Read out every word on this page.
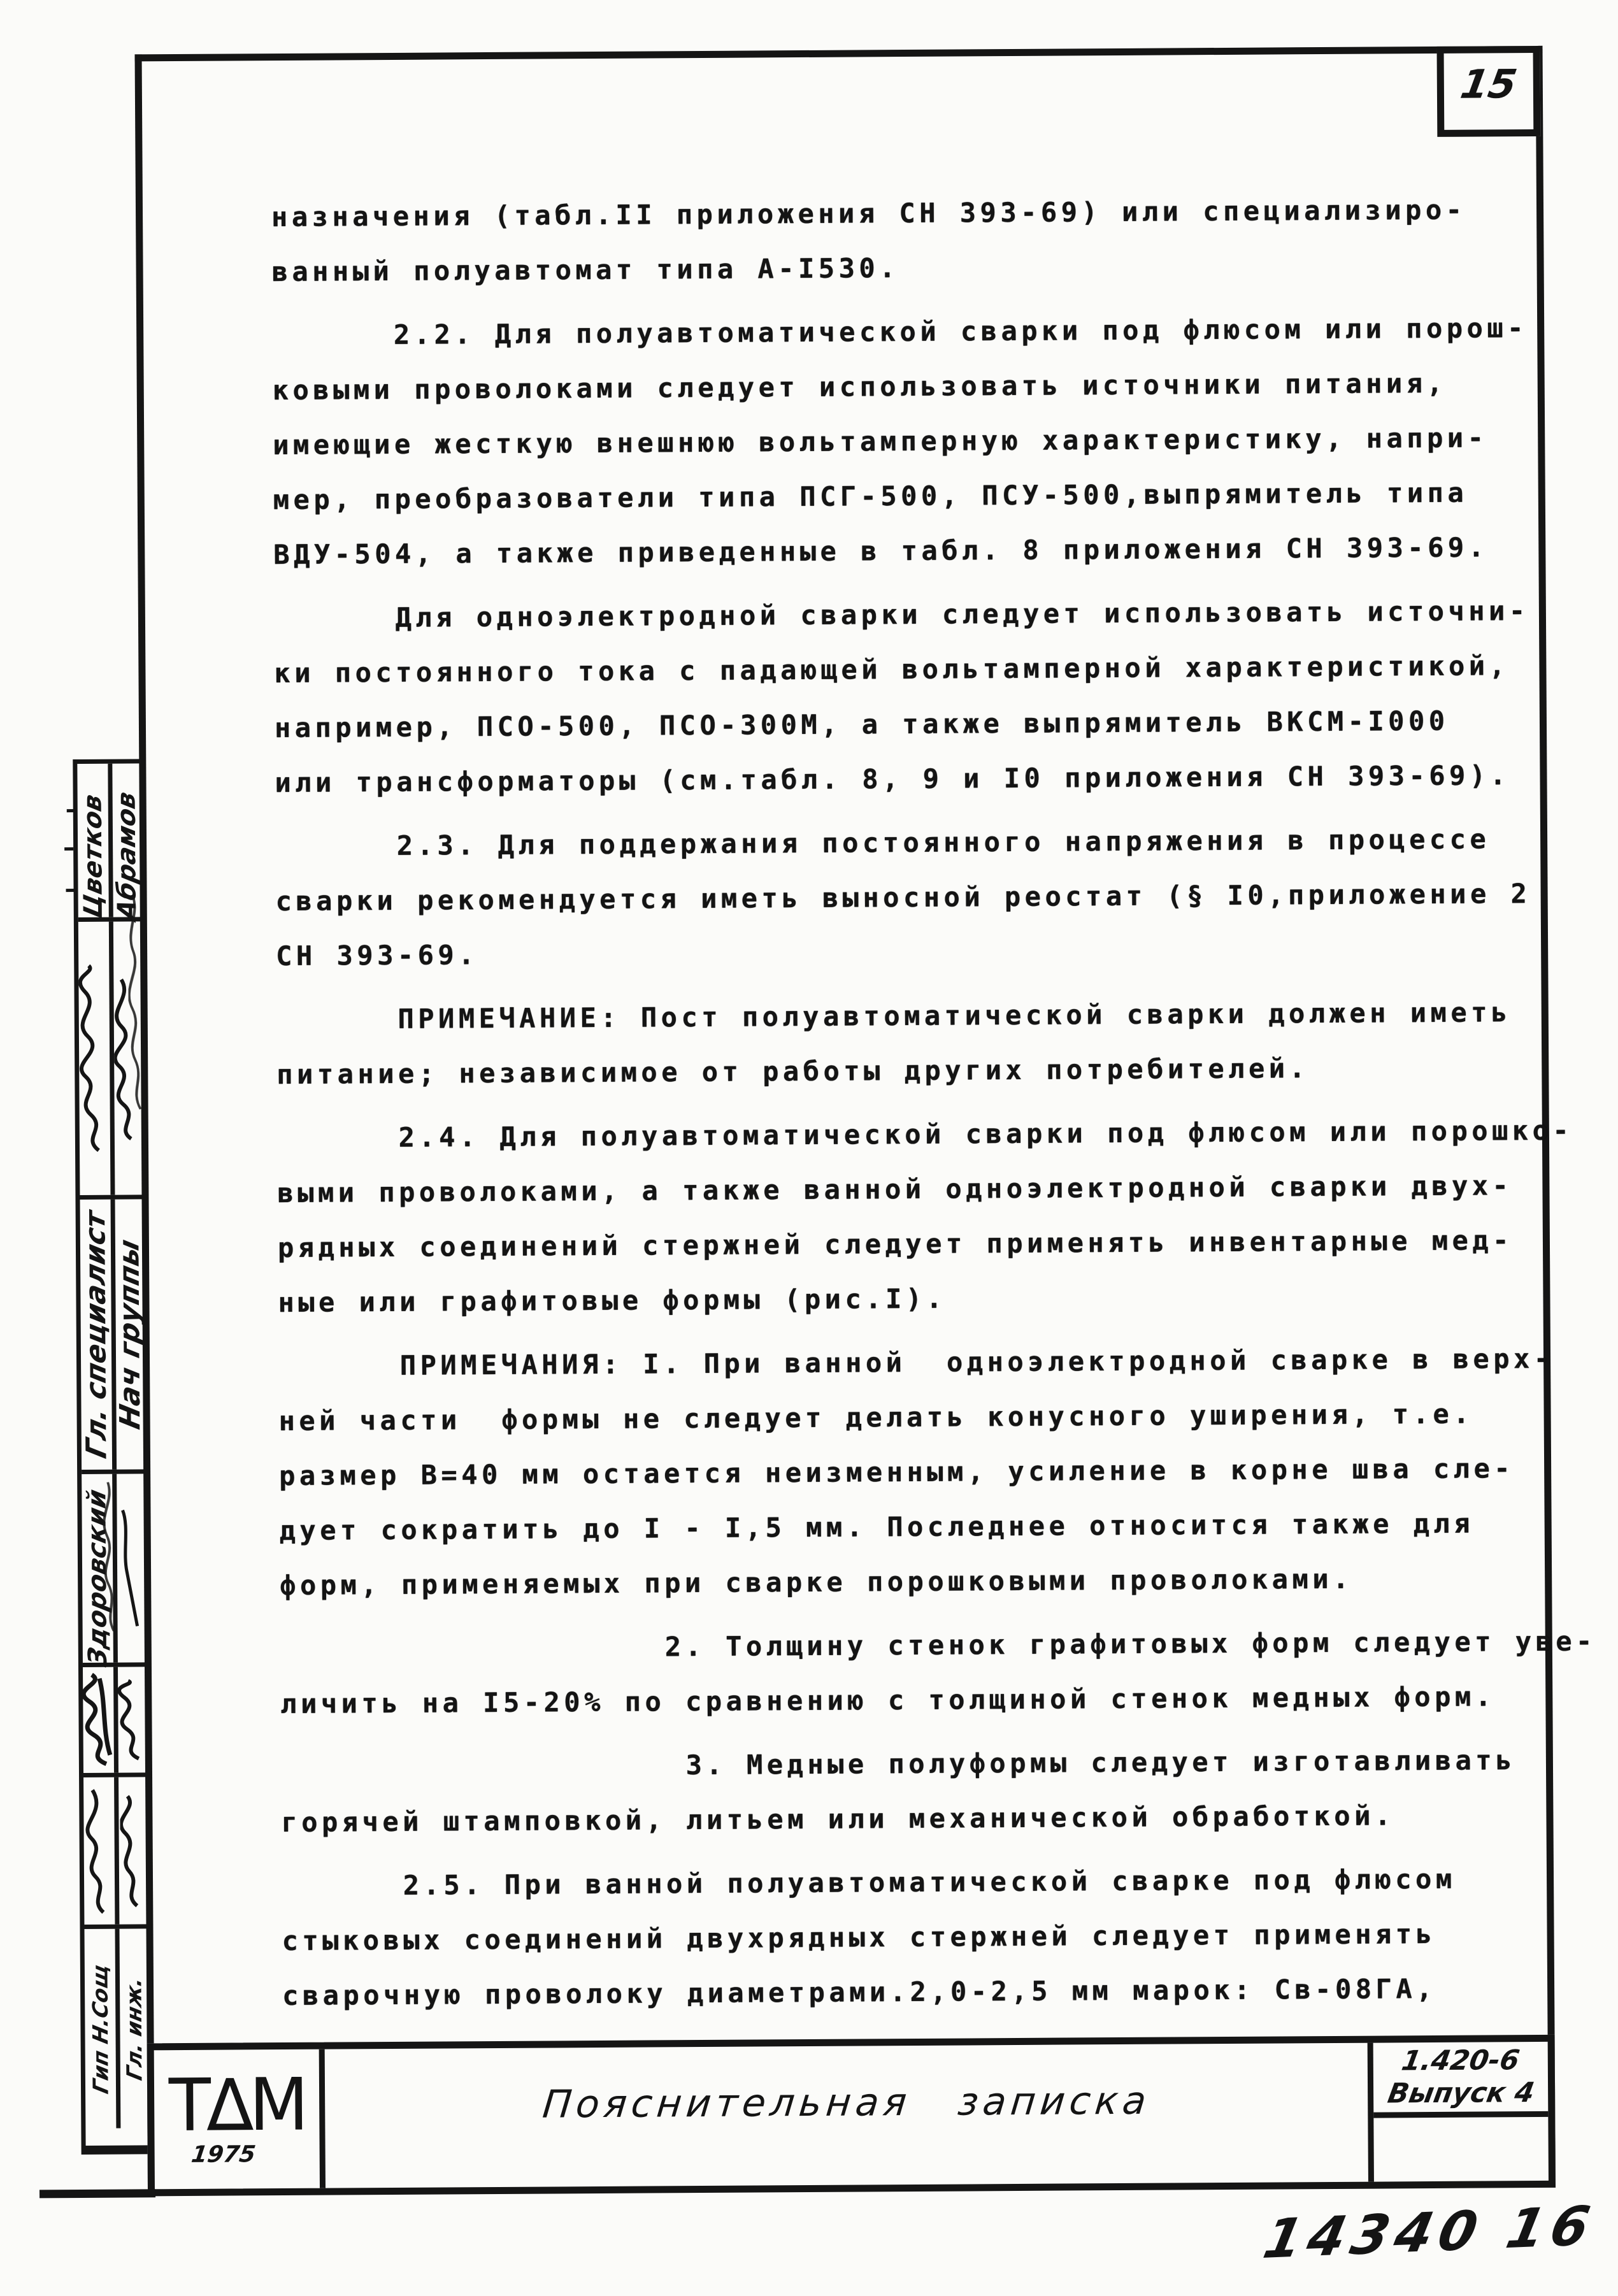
15
назначения (табл.II приложения СН 393-69) или специализиро-
ванный полуавтомат типа А-I530.
2.2. Для полуавтоматической сварки под флюсом или порош-
ковыми проволоками следует использовать источники питания,
имеющие жесткую внешнюю вольтамперную характеристику, напри-
мер, преобразователи типа ПСГ-500, ПСУ-500,выпрямитель типа
ВДУ-504, а также приведенные в табл. 8 приложения СН 393-69.
Для одноэлектродной сварки следует использовать источни-
ки постоянного тока с падающей вольтамперной характеристикой,
например, ПСО-500, ПСО-300М, а также выпрямитель ВКСМ-I000
или трансформаторы (см.табл. 8, 9 и I0 приложения СН 393-69).
2.3. Для поддержания постоянного напряжения в процессе
сварки рекомендуется иметь выносной реостат (§ I0,приложение 2
СН 393-69.
ПРИМЕЧАНИЕ: Пост полуавтоматической сварки должен иметь
питание; независимое от работы других потребителей.
2.4. Для полуавтоматической сварки под флюсом или порошко-
выми проволоками, а также ванной одноэлектродной сварки двух-
рядных соединений стержней следует применять инвентарные мед-
ные или графитовые формы (рис.I).
ПРИМЕЧАНИЯ: I. При ванной  одноэлектродной сварке в верх-
ней части  формы не следует делать конусного уширения, т.е.
размер В=40 мм остается неизменным, усиление в корне шва сле-
дует сократить до I - I,5 мм. Последнее относится также для
форм, применяемых при сварке порошковыми проволоками.
2. Толщину стенок графитовых форм следует уве-
личить на I5-20% по сравнению с толщиной стенок медных форм.
3. Медные полуформы следует изготавливать
горячей штамповкой, литьем или механической обработкой.
2.5. При ванной полуавтоматической сварке под флюсом
стыковых соединений двухрядных стержней следует применять
сварочную проволоку диаметрами.2,0-2,5 мм марок: Св-08ГА,
Цветков Абрамов
Гл. специалист Нач группы
Здоровский
Гип Н.Сощ Гл. инж.
Т∆М
1975
Пояснительная записка
1.420-6
Выпуск 4
14340 16
